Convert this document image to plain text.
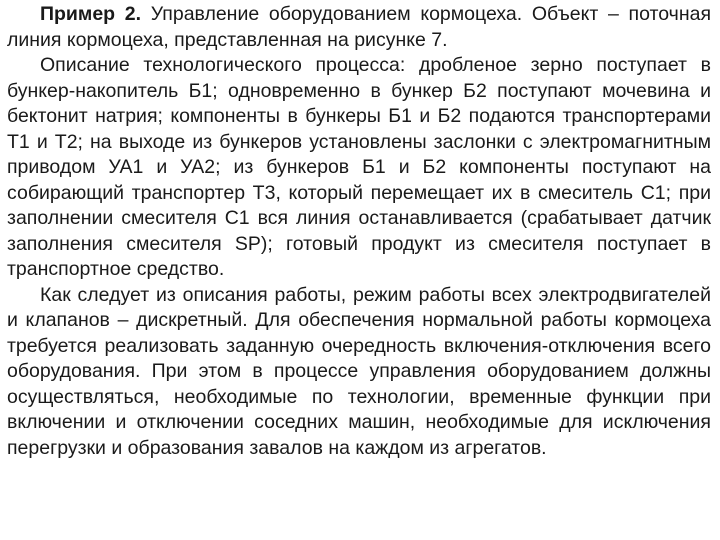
Пример 2. Управление оборудованием кормоцеха. Объект – поточная линия кормоцеха, представленная на рисунке 7.

Описание технологического процесса: дробленое зерно поступает в бункер-накопитель Б1; одновременно в бункер Б2 поступают мочевина и бектонит натрия; компоненты в бункеры Б1 и Б2 подаются транспортерами Т1 и Т2; на выходе из бункеров установлены заслонки с электромагнитным приводом УА1 и УА2; из бункеров Б1 и Б2 компоненты поступают на собирающий транспортер Т3, который перемещает их в смеситель С1; при заполнении смесителя С1 вся линия останавливается (срабатывает датчик заполнения смесителя SP); готовый продукт из смесителя поступает в транспортное средство.

Как следует из описания работы, режим работы всех электродвигателей и клапанов – дискретный. Для обеспечения нормальной работы кормоцеха требуется реализовать заданную очередность включения-отключения всего оборудования. При этом в процессе управления оборудованием должны осуществляться, необходимые по технологии, временные функции при включении и отключении соседних машин, необходимые для исключения перегрузки и образования завалов на каждом из агрегатов.
